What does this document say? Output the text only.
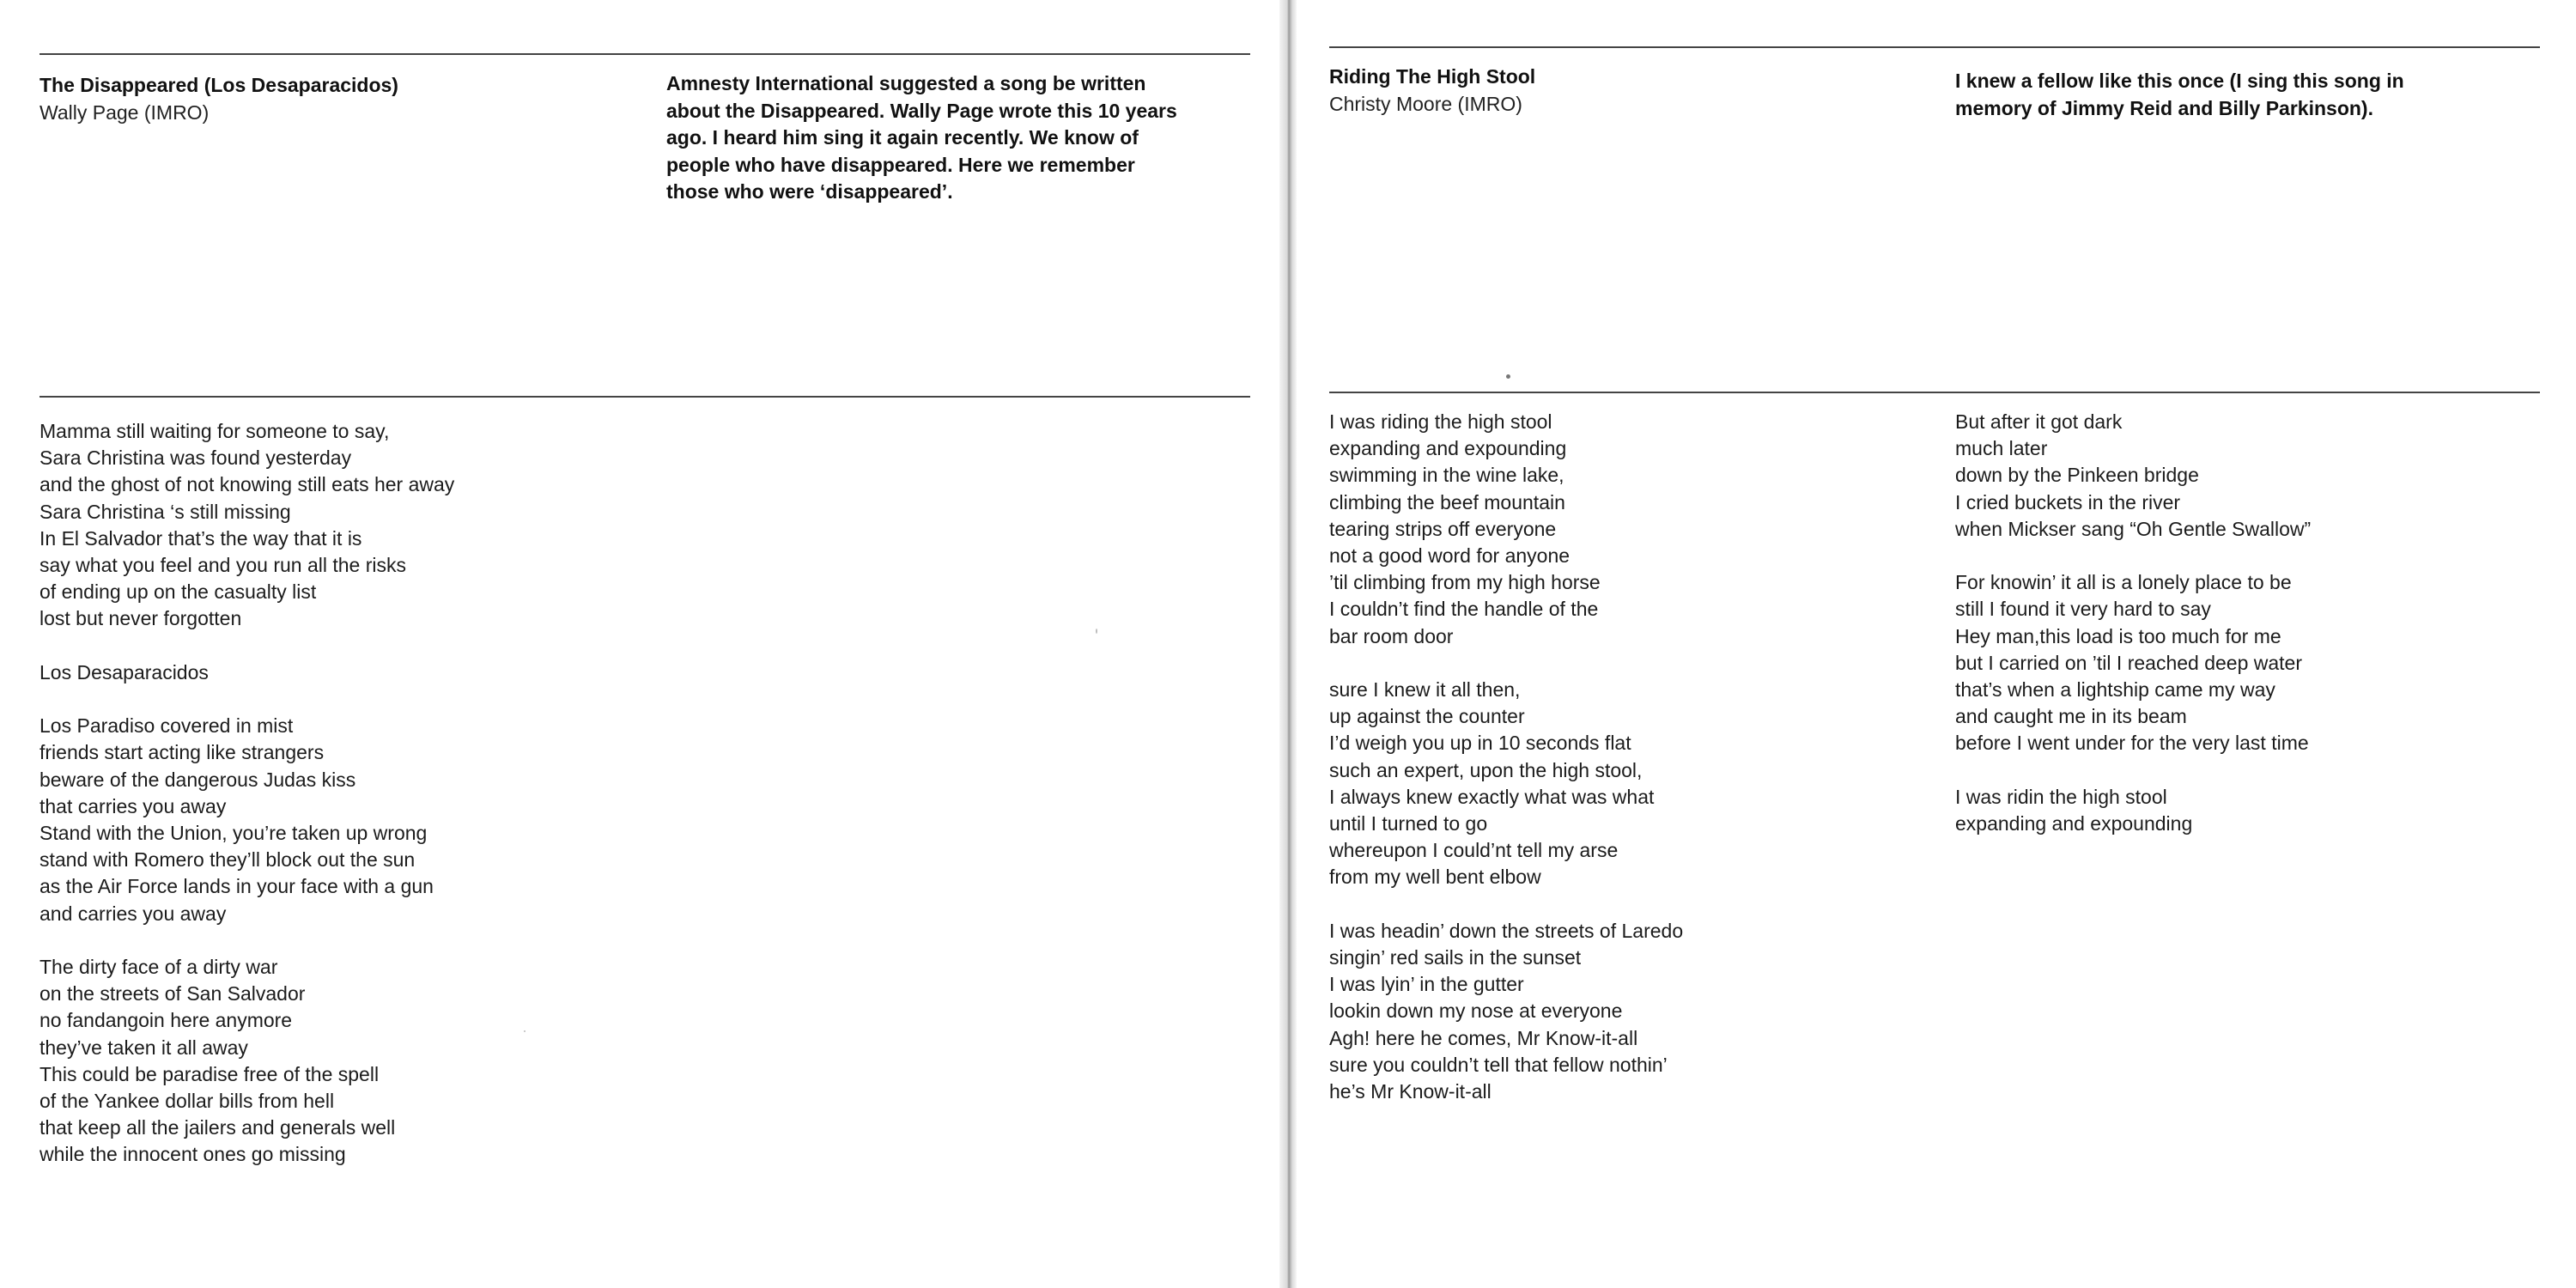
The Disappeared (Los Desaparacidos)
Wally Page (IMRO)
Amnesty International suggested a song be written
about the Disappeared. Wally Page wrote this 10 years
ago. I heard him sing it again recently. We know of
people who have disappeared. Here we remember
those who were ‘disappeared’.
Mamma still waiting for someone to say,
Sara Christina was found yesterday
and the ghost of not knowing still eats her away
Sara Christina ‘s still missing
In El Salvador that’s the way that it is
say what you feel and you run all the risks
of ending up on the casualty list
lost but never forgotten
Los Desaparacidos
Los Paradiso covered in mist
friends start acting like strangers
beware of the dangerous Judas kiss
that carries you away
Stand with the Union, you’re taken up wrong
stand with Romero they’ll block out the sun
as the Air Force lands in your face with a gun
and carries you away
The dirty face of a dirty war
on the streets of San Salvador
no fandangoin here anymore
they’ve taken it all away
This could be paradise free of the spell
of the Yankee dollar bills from hell
that keep all the jailers and generals well
while the innocent ones go missing
Riding The High Stool
Christy Moore (IMRO)
I knew a fellow like this once (I sing this song in
memory of Jimmy Reid and Billy Parkinson).
I was riding the high stool
expanding and expounding
swimming in the wine lake,
climbing the beef mountain
tearing strips off everyone
not a good word for anyone
’til climbing from my high horse
I couldn’t find the handle of the
bar room door
sure I knew it all then,
up against the counter
I’d weigh you up in 10 seconds flat
such an expert, upon the high stool,
I always knew exactly what was what
until I turned to go
whereupon I could’nt tell my arse
from my well bent elbow
I was headin’ down the streets of Laredo
singin’ red sails in the sunset
I was lyin’ in the gutter
lookin down my nose at everyone
Agh! here he comes, Mr Know-it-all
sure you couldn’t tell that fellow nothin’
he’s Mr Know-it-all
But after it got dark
much later
down by the Pinkeen bridge
I cried buckets in the river
when Mickser sang “Oh Gentle Swallow”
For knowin’ it all is a lonely place to be
still I found it very hard to say
Hey man,this load is too much for me
but I carried on ’til I reached deep water
that’s when a lightship came my way
and caught me in its beam
before I went under for the very last time
I was ridin the high stool
expanding and expounding
